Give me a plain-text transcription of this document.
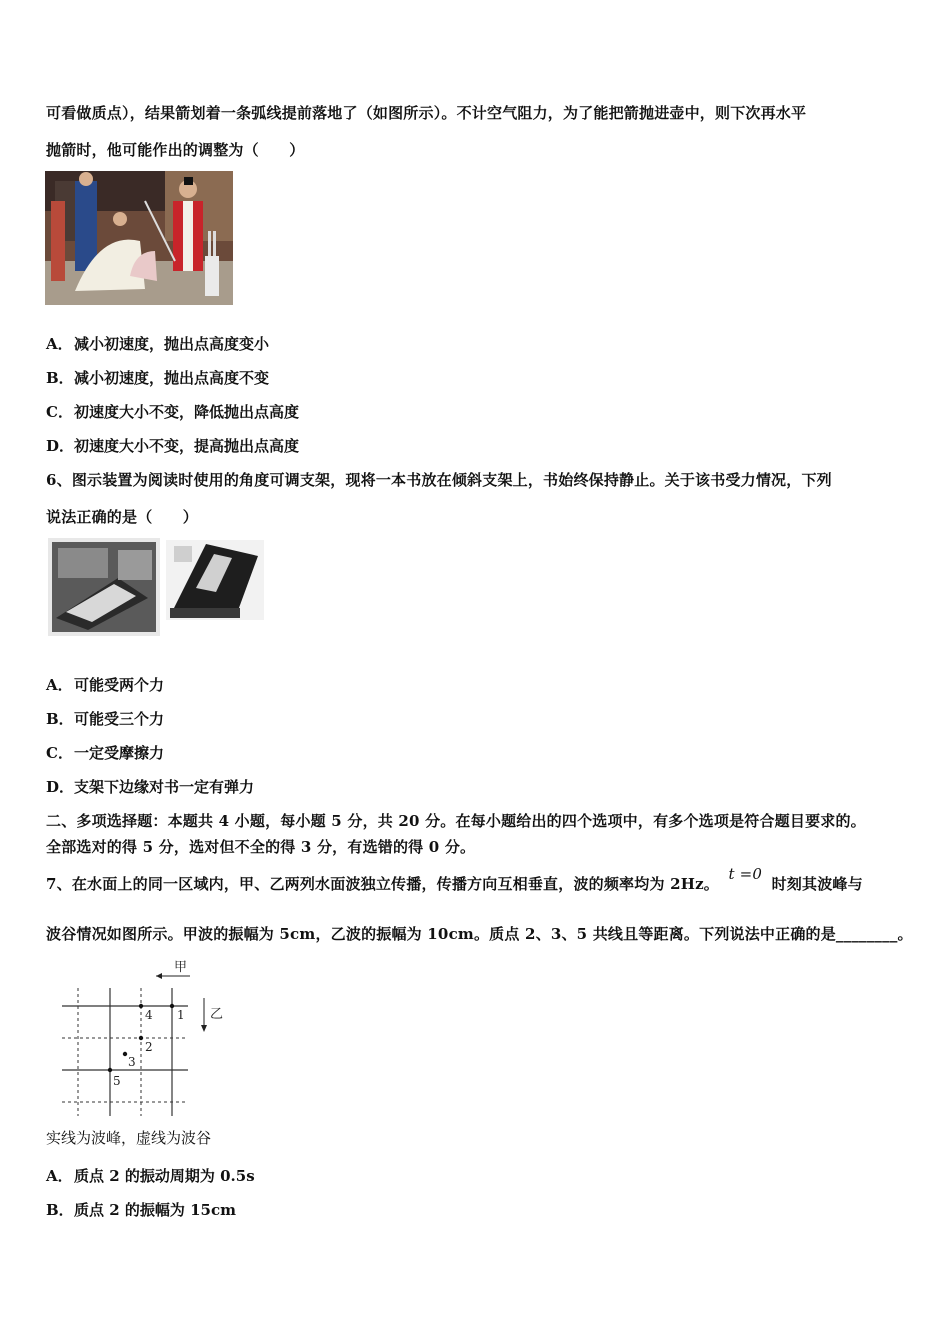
可看做质点），结果箭划着一条弧线提前落地了（如图所示）。不计空气阻力，为了能把箭抛进壶中，则下次再水平
抛箭时，他可能作出的调整为（　　）
A．减小初速度，抛出点高度变小
B．减小初速度，抛出点高度不变
C．初速度大小不变，降低抛出点高度
D．初速度大小不变，提高抛出点高度
6、图示装置为阅读时使用的角度可调支架，现将一本书放在倾斜支架上，书始终保持静止。关于该书受力情况，下列
说法正确的是（　　）
A．可能受两个力
B．可能受三个力
C．一定受摩擦力
D．支架下边缘对书一定有弹力
二、多项选择题：本题共 4 小题，每小题 5 分，共 20 分。在每小题给出的四个选项中，有多个选项是符合题目要求的。
全部选对的得 5 分，选对但不全的得 3 分，有选错的得 0 分。
7、在水面上的同一区域内，甲、乙两列水面波独立传播，传播方向互相垂直，波的频率均为 2Hz。 t =0 时刻其波峰与
波谷情况如图所示。甲波的振幅为 5cm，乙波的振幅为 10cm。质点 2、3、5 共线且等距离。下列说法中正确的是________。
甲
乙
1
2
3
4
5
实线为波峰，虚线为波谷
A．质点 2 的振动周期为 0.5s
B．质点 2 的振幅为 15cm
